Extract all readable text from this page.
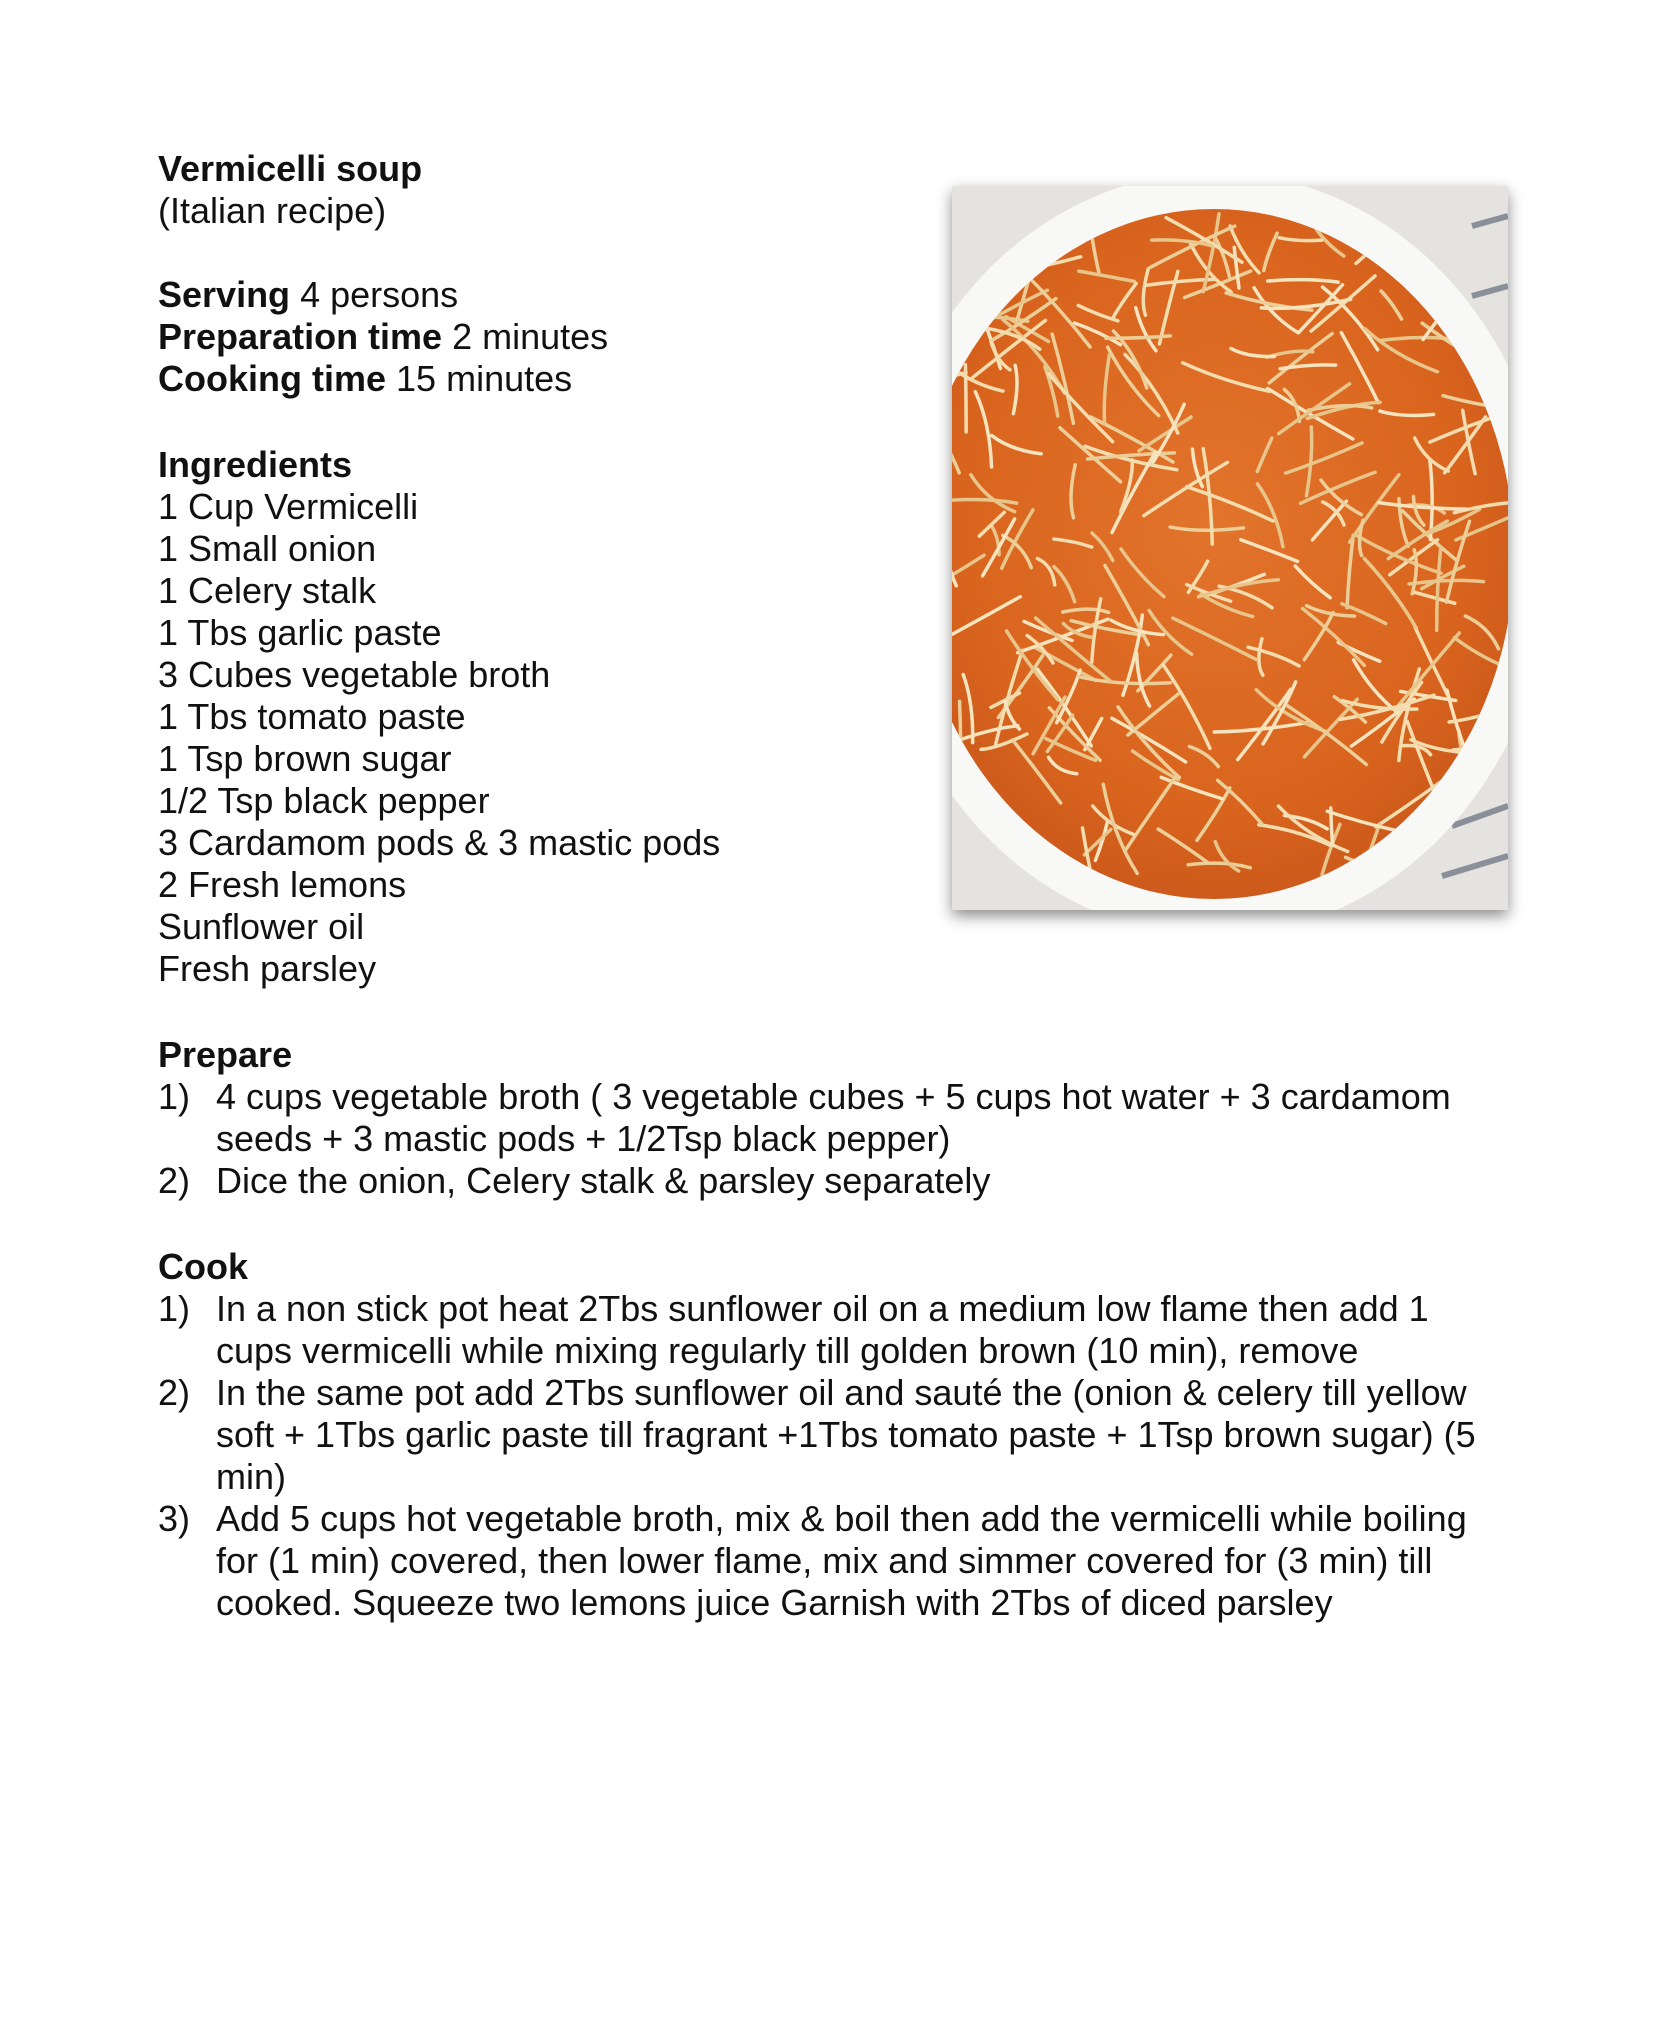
Vermicelli soup
(Italian recipe)
Serving 4 persons
Preparation time 2 minutes
Cooking time 15 minutes
Ingredients
1 Cup Vermicelli
1 Small onion
1 Celery stalk
1 Tbs garlic paste
3 Cubes vegetable broth
1 Tbs tomato paste
1 Tsp brown sugar
1/2 Tsp black pepper
3 Cardamom pods & 3 mastic pods
2 Fresh lemons
Sunflower oil
Fresh parsley
Prepare
1) 4 cups vegetable broth ( 3 vegetable cubes + 5 cups hot water + 3 cardamom seeds + 3 mastic pods + 1/2Tsp black pepper)
2) Dice the onion, Celery stalk & parsley separately
Cook
1) In a non stick pot heat 2Tbs sunflower oil on a medium low flame then add 1 cups vermicelli while mixing regularly till golden brown (10 min), remove
2) In the same pot add 2Tbs sunflower oil and sauté the (onion & celery till yellow soft + 1Tbs garlic paste till fragrant +1Tbs tomato paste + 1Tsp brown sugar) (5 min)
3) Add 5 cups hot vegetable broth, mix & boil then add the vermicelli while boiling for (1 min) covered, then lower flame, mix and simmer covered for (3 min) till cooked. Squeeze two lemons juice Garnish with 2Tbs of diced parsley
